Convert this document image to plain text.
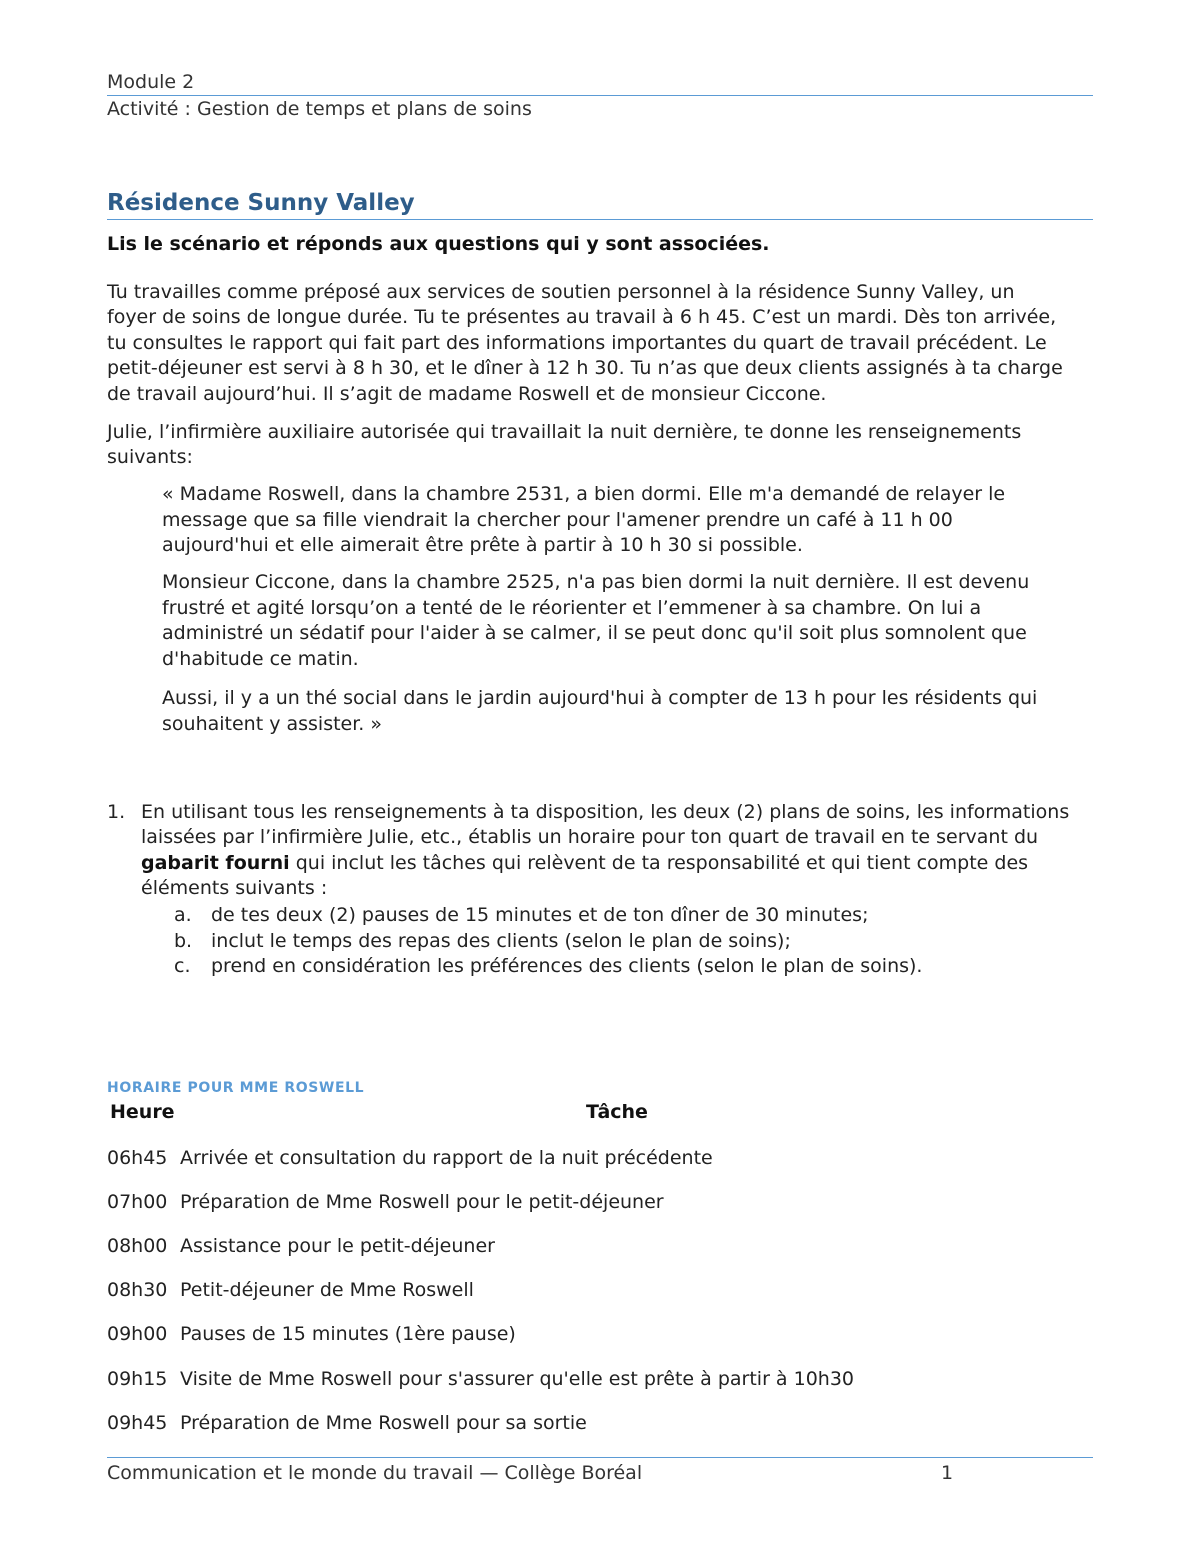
Module 2
Activité : Gestion de temps et plans de soins
Résidence Sunny Valley
Lis le scénario et réponds aux questions qui y sont associées.

Tu travailles comme préposé aux services de soutien personnel à la résidence Sunny Valley, un foyer de soins de longue durée. Tu te présentes au travail à 6 h 45. C’est un mardi. Dès ton arrivée, tu consultes le rapport qui fait part des informations importantes du quart de travail précédent. Le petit-déjeuner est servi à 8 h 30, et le dîner à 12 h 30. Tu n’as que deux clients assignés à ta charge de travail aujourd’hui. Il s’agit de madame Roswell et de monsieur Ciccone.

Julie, l’infirmière auxiliaire autorisée qui travaillait la nuit dernière, te donne les renseignements suivants:

« Madame Roswell, dans la chambre 2531, a bien dormi. Elle m'a demandé de relayer le message que sa fille viendrait la chercher pour l'amener prendre un café à 11 h 00 aujourd'hui et elle aimerait être prête à partir à 10 h 30 si possible.

Monsieur Ciccone, dans la chambre 2525, n'a pas bien dormi la nuit dernière. Il est devenu frustré et agité lorsqu’on a tenté de le réorienter et l’emmener à sa chambre. On lui a administré un sédatif pour l'aider à se calmer, il se peut donc qu'il soit plus somnolent que d'habitude ce matin.

Aussi, il y a un thé social dans le jardin aujourd'hui à compter de 13 h pour les résidents qui souhaitent y assister. »

1. En utilisant tous les renseignements à ta disposition, les deux (2) plans de soins, les informations laissées par l’infirmière Julie, etc., établis un horaire pour ton quart de travail en te servant du gabarit fourni qui inclut les tâches qui relèvent de ta responsabilité et qui tient compte des éléments suivants :

a. de tes deux (2) pauses de 15 minutes et de ton dîner de 30 minutes;
b. inclut le temps des repas des clients (selon le plan de soins);
c. prend en considération les préférences des clients (selon le plan de soins).
HORAIRE POUR MME ROSWELL
Heure	Tâche
06h45 Arrivée et consultation du rapport de la nuit précédente
07h00 Préparation de Mme Roswell pour le petit-déjeuner
08h00 Assistance pour le petit-déjeuner
08h30 Petit-déjeuner de Mme Roswell
09h00 Pauses de 15 minutes (1ère pause)
09h15 Visite de Mme Roswell pour s'assurer qu'elle est prête à partir à 10h30
09h45 Préparation de Mme Roswell pour sa sortie
Communication et le monde du travail — Collège Boréal	1
